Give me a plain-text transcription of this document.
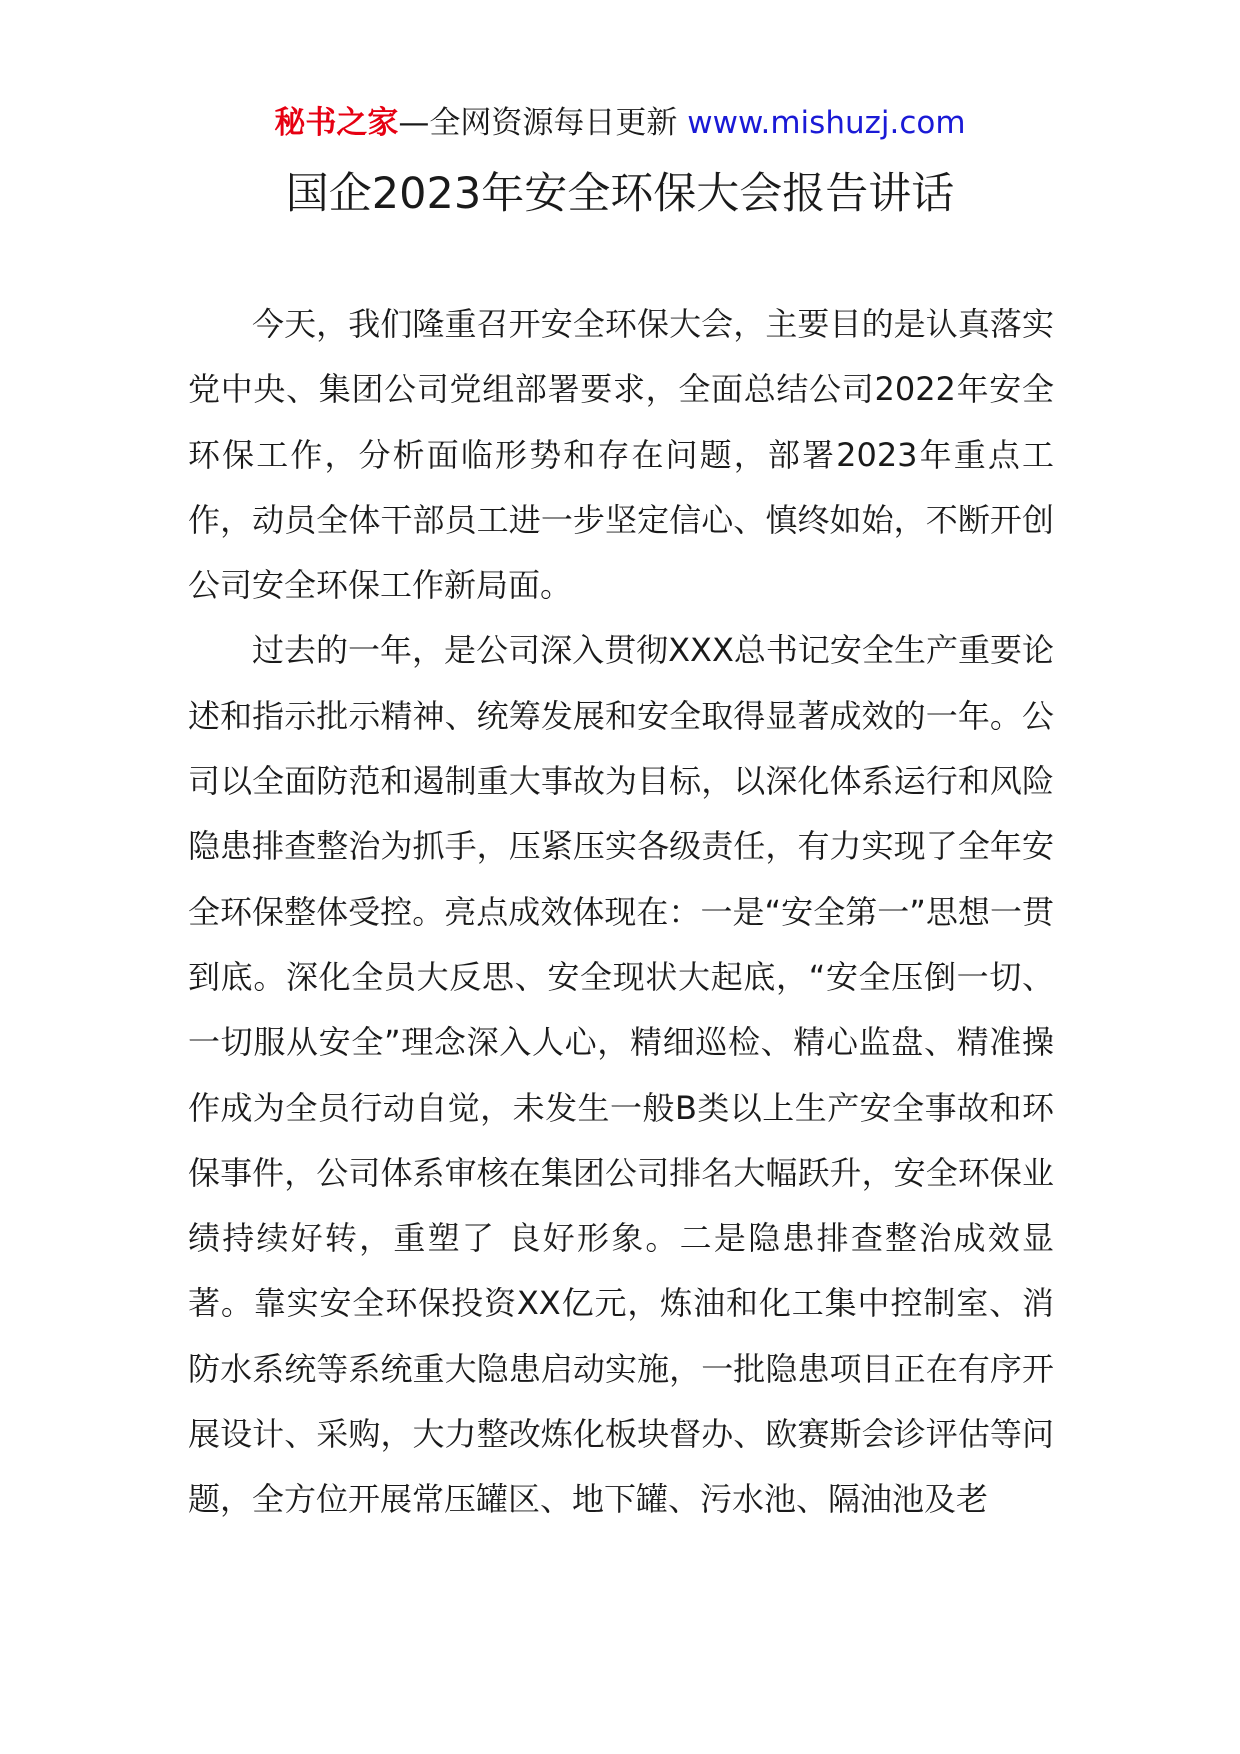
秘书之家—全网资源每日更新 www.mishuzj.com
国企2023年安全环保大会报告讲话

今天，我们隆重召开安全环保大会，主要目的是认真落实党中央、集团公司党组部署要求，全面总结公司2022年安全环保工作，分析面临形势和存在问题，部署2023年重点工作，动员全体干部员工进一步坚定信心、慎终如始，不断开创公司安全环保工作新局面。

过去的一年，是公司深入贯彻XXX总书记安全生产重要论述和指示批示精神、统筹发展和安全取得显著成效的一年。公司以全面防范和遏制重大事故为目标，以深化体系运行和风险隐患排查整治为抓手，压紧压实各级责任，有力实现了全年安全环保整体受控。亮点成效体现在：一是“安全第一”思想一贯到底。深化全员大反思、安全现状大起底，“安全压倒一切、一切服从安全”理念深入人心，精细巡检、精心监盘、精准操作成为全员行动自觉，未发生一般B类以上生产安全事故和环保事件，公司体系审核在集团公司排名大幅跃升，安全环保业绩持续好转，重塑了 良好形象。二是隐患排查整治成效显著。靠实安全环保投资XX亿元，炼油和化工集中控制室、消防水系统等系统重大隐患启动实施，一批隐患项目正在有序开展设计、采购，大力整改炼化板块督办、欧赛斯会诊评估等问题，全方位开展常压罐区、地下罐、污水池、隔油池及老
